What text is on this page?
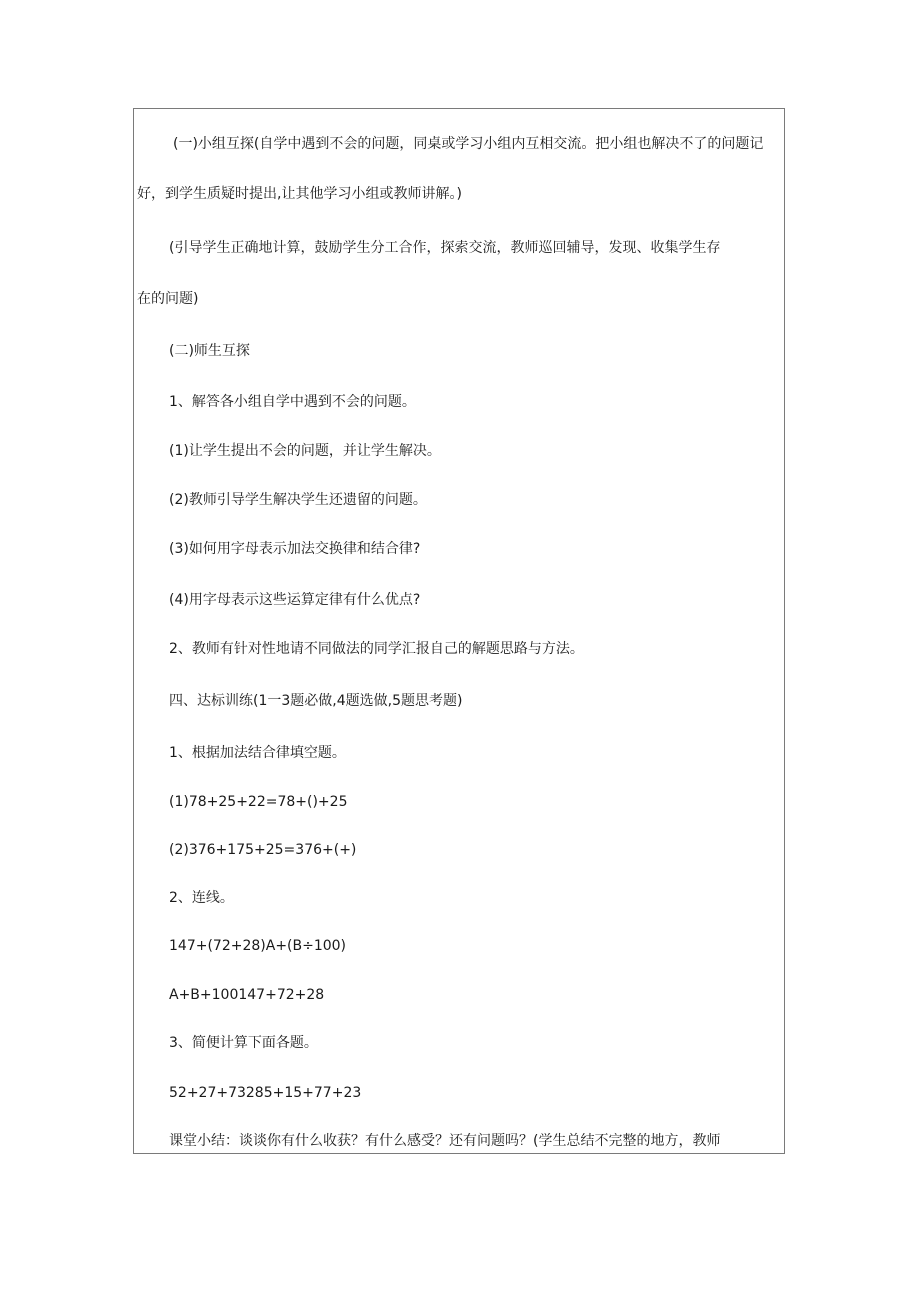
(一)小组互探(自学中遇到不会的问题，同桌或学习小组内互相交流。把小组也解决不了的问题记
好，到学生质疑时提出,让其他学习小组或教师讲解。)
(引导学生正确地计算，鼓励学生分工合作，探索交流，教师巡回辅导，发现、收集学生存
在的问题)
(二)师生互探
1、解答各小组自学中遇到不会的问题。
(1)让学生提出不会的问题，并让学生解决。
(2)教师引导学生解决学生还遗留的问题。
(3)如何用字母表示加法交换律和结合律?
(4)用字母表示这些运算定律有什么优点?
2、教师有针对性地请不同做法的同学汇报自己的解题思路与方法。
四、达标训练(1一3题必做,4题选做,5题思考题)
1、根据加法结合律填空题。
(1)78+25+22=78+()+25
(2)376+175+25=376+(+)
2、连线。
147+(72+28)A+(B÷100)
A+B+100147+72+28
3、简便计算下面各题。
52+27+73285+15+77+23
课堂小结：谈谈你有什么收获？有什么感受？还有问题吗？(学生总结不完整的地方，教师
